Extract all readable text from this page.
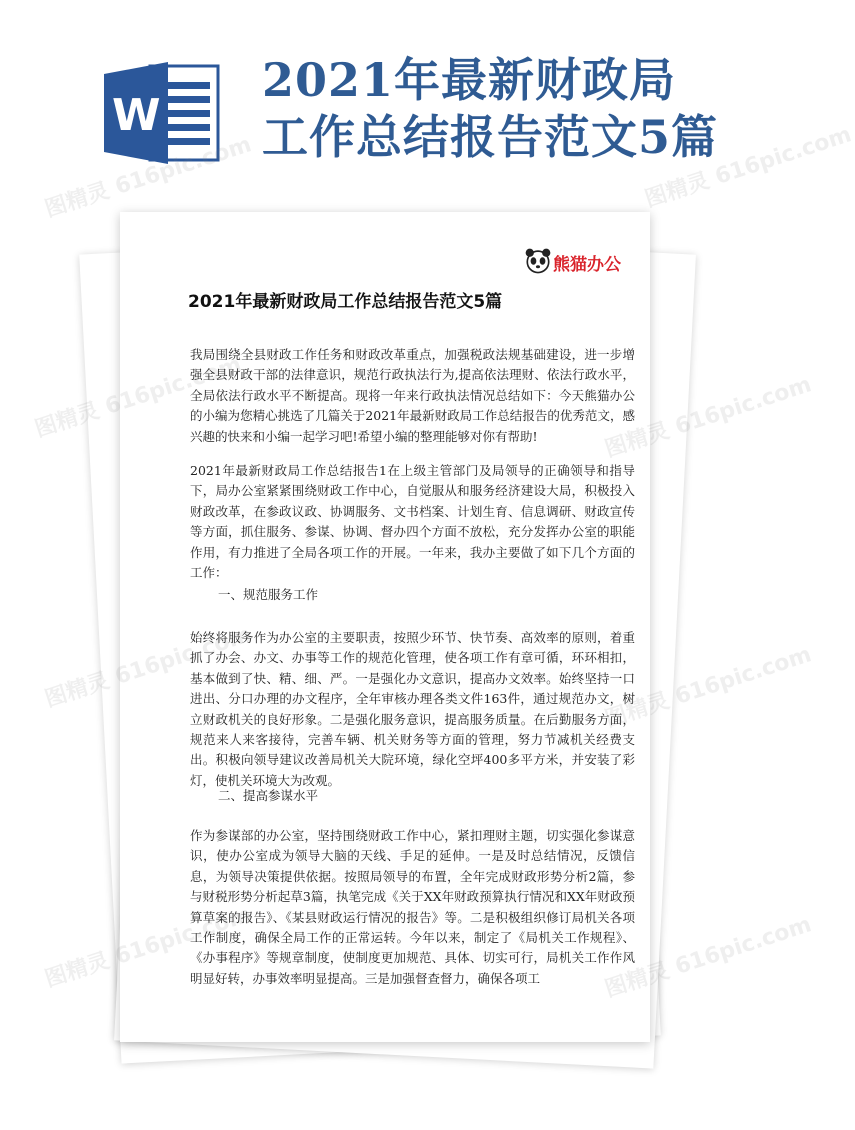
W
2021年最新财政局
工作总结报告范文5篇
熊猫办公
2021年最新财政局工作总结报告范文5篇

我局围绕全县财政工作任务和财政改革重点，加强税政法规基础建设，进一步增强全县财政干部的法律意识，规范行政执法行为,提高依法理财、依法行政水平，全局依法行政水平不断提高。现将一年来行政执法情况总结如下：今天熊猫办公的小编为您精心挑选了几篇关于2021年最新财政局工作总结报告的优秀范文，感兴趣的快来和小编一起学习吧!希望小编的整理能够对你有帮助!

2021年最新财政局工作总结报告1在上级主管部门及局领导的正确领导和指导下，局办公室紧紧围绕财政工作中心，自觉服从和服务经济建设大局，积极投入财政改革，在参政议政、协调服务、文书档案、计划生育、信息调研、财政宣传等方面，抓住服务、参谋、协调、督办四个方面不放松，充分发挥办公室的职能作用，有力推进了全局各项工作的开展。一年来，我办主要做了如下几个方面的工作：

一、规范服务工作

始终将服务作为办公室的主要职责，按照少环节、快节奏、高效率的原则，着重抓了办会、办文、办事等工作的规范化管理，使各项工作有章可循，环环相扣，基本做到了快、精、细、严。一是强化办文意识，提高办文效率。始终坚持一口进出、分口办理的办文程序，全年审核办理各类文件163件，通过规范办文，树立财政机关的良好形象。二是强化服务意识，提高服务质量。在后勤服务方面，规范来人来客接待，完善车辆、机关财务等方面的管理，努力节减机关经费支出。积极向领导建议改善局机关大院环境，绿化空坪400多平方米，并安装了彩灯，使机关环境大为改观。

二、提高参谋水平

作为参谋部的办公室，坚持围绕财政工作中心，紧扣理财主题，切实强化参谋意识，使办公室成为领导大脑的天线、手足的延伸。一是及时总结情况，反馈信息，为领导决策提供依据。按照局领导的布置，全年完成财政形势分析2篇，参与财税形势分析起草3篇，执笔完成《关于XX年财政预算执行情况和XX年财政预算草案的报告》、《某县财政运行情况的报告》等。二是积极组织修订局机关各项工作制度，确保全局工作的正常运转。今年以来，制定了《局机关工作规程》、《办事程序》等规章制度，使制度更加规范、具体、切实可行，局机关工作作风明显好转，办事效率明显提高。三是加强督查督力，确保各项工

图精灵 616pic.com	图精灵 616pic.com
图精灵	图精灵 616pic.com
图精灵	图精灵 616pic.com
图精灵	图精灵 616pic.com
